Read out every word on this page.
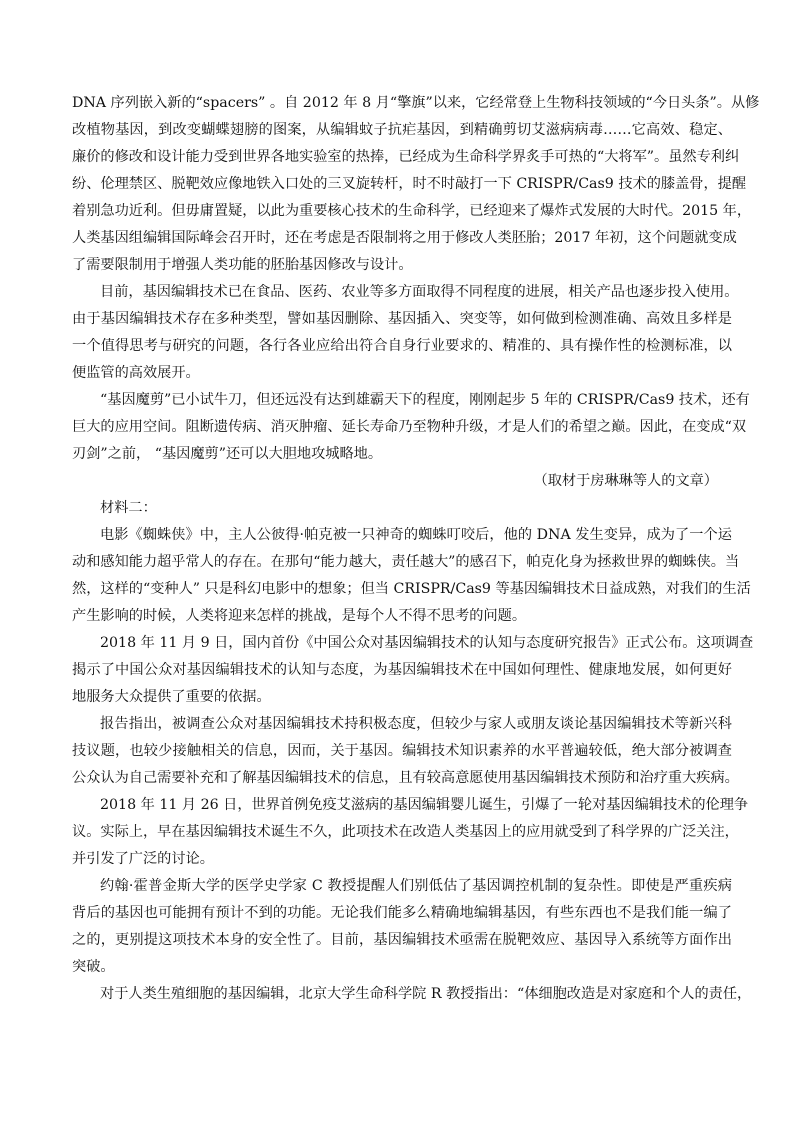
DNA 序列嵌入新的“spacers” 。自 2012 年 8 月“擎旗”以来，它经常登上生物科技领域的“今日头条”。从修
改植物基因，到改变蝴蝶翅膀的图案，从编辑蚊子抗疟基因，到精确剪切艾滋病病毒……它高效、稳定、
廉价的修改和设计能力受到世界各地实验室的热捧，已经成为生命科学界炙手可热的“大将军”。虽然专利纠
纷、伦理禁区、脱靶效应像地铁入口处的三叉旋转杆，时不时敲打一下 CRISPR/Cas9 技术的膝盖骨，提醒
着别急功近利。但毋庸置疑，以此为重要核心技术的生命科学，已经迎来了爆炸式发展的大时代。2015 年，
人类基因组编辑国际峰会召开时，还在考虑是否限制将之用于修改人类胚胎；2017 年初，这个问题就变成
了需要限制用于增强人类功能的胚胎基因修改与设计。
目前，基因编辑技术已在食品、医药、农业等多方面取得不同程度的进展，相关产品也逐步投入使用。
由于基因编辑技术存在多种类型，譬如基因删除、基因插入、突变等，如何做到检测准确、高效且多样是
一个值得思考与研究的问题，各行各业应给出符合自身行业要求的、精准的、具有操作性的检测标准，以
便监管的高效展开。
“基因魔剪”已小试牛刀，但还远没有达到雄霸天下的程度，刚刚起步 5 年的 CRISPR/Cas9 技术，还有
巨大的应用空间。阻断遗传病、消灭肿瘤、延长寿命乃至物种升级，才是人们的希望之巅。因此，在变成“双
刃剑”之前， “基因魔剪”还可以大胆地攻城略地。
（取材于房琳琳等人的文章）
材料二：
电影《蜘蛛侠》中，主人公彼得·帕克被一只神奇的蜘蛛叮咬后，他的 DNA 发生变异，成为了一个运
动和感知能力超乎常人的存在。在那句“能力越大，责任越大”的感召下，帕克化身为拯救世界的蜘蛛侠。当
然，这样的“变种人” 只是科幻电影中的想象；但当 CRISPR/Cas9 等基因编辑技术日益成熟，对我们的生活
产生影响的时候，人类将迎来怎样的挑战，是每个人不得不思考的问题。
2018 年 11 月 9 日，国内首份《中国公众对基因编辑技术的认知与态度研究报告》正式公布。这项调查
揭示了中国公众对基因编辑技术的认知与态度，为基因编辑技术在中国如何理性、健康地发展，如何更好
地服务大众提供了重要的依据。
报告指出，被调查公众对基因编辑技术持积极态度，但较少与家人或朋友谈论基因编辑技术等新兴科
技议题，也较少接触相关的信息，因而，关于基因。编辑技术知识素养的水平普遍较低，绝大部分被调查
公众认为自己需要补充和了解基因编辑技术的信息，且有较高意愿使用基因编辑技术预防和治疗重大疾病。
2018 年 11 月 26 日，世界首例免疫艾滋病的基因编辑婴儿诞生，引爆了一轮对基因编辑技术的伦理争
议。实际上，早在基因编辑技术诞生不久，此项技术在改造人类基因上的应用就受到了科学界的广泛关注，
并引发了广泛的讨论。
约翰·霍普金斯大学的医学史学家 C 教授提醒人们别低估了基因调控机制的复杂性。即使是严重疾病
背后的基因也可能拥有预计不到的功能。无论我们能多么精确地编辑基因，有些东西也不是我们能一编了
之的，更别提这项技术本身的安全性了。目前，基因编辑技术亟需在脱靶效应、基因导入系统等方面作出
突破。
对于人类生殖细胞的基因编辑，北京大学生命科学院 R 教授指出：“体细胞改造是对家庭和个人的责任，
